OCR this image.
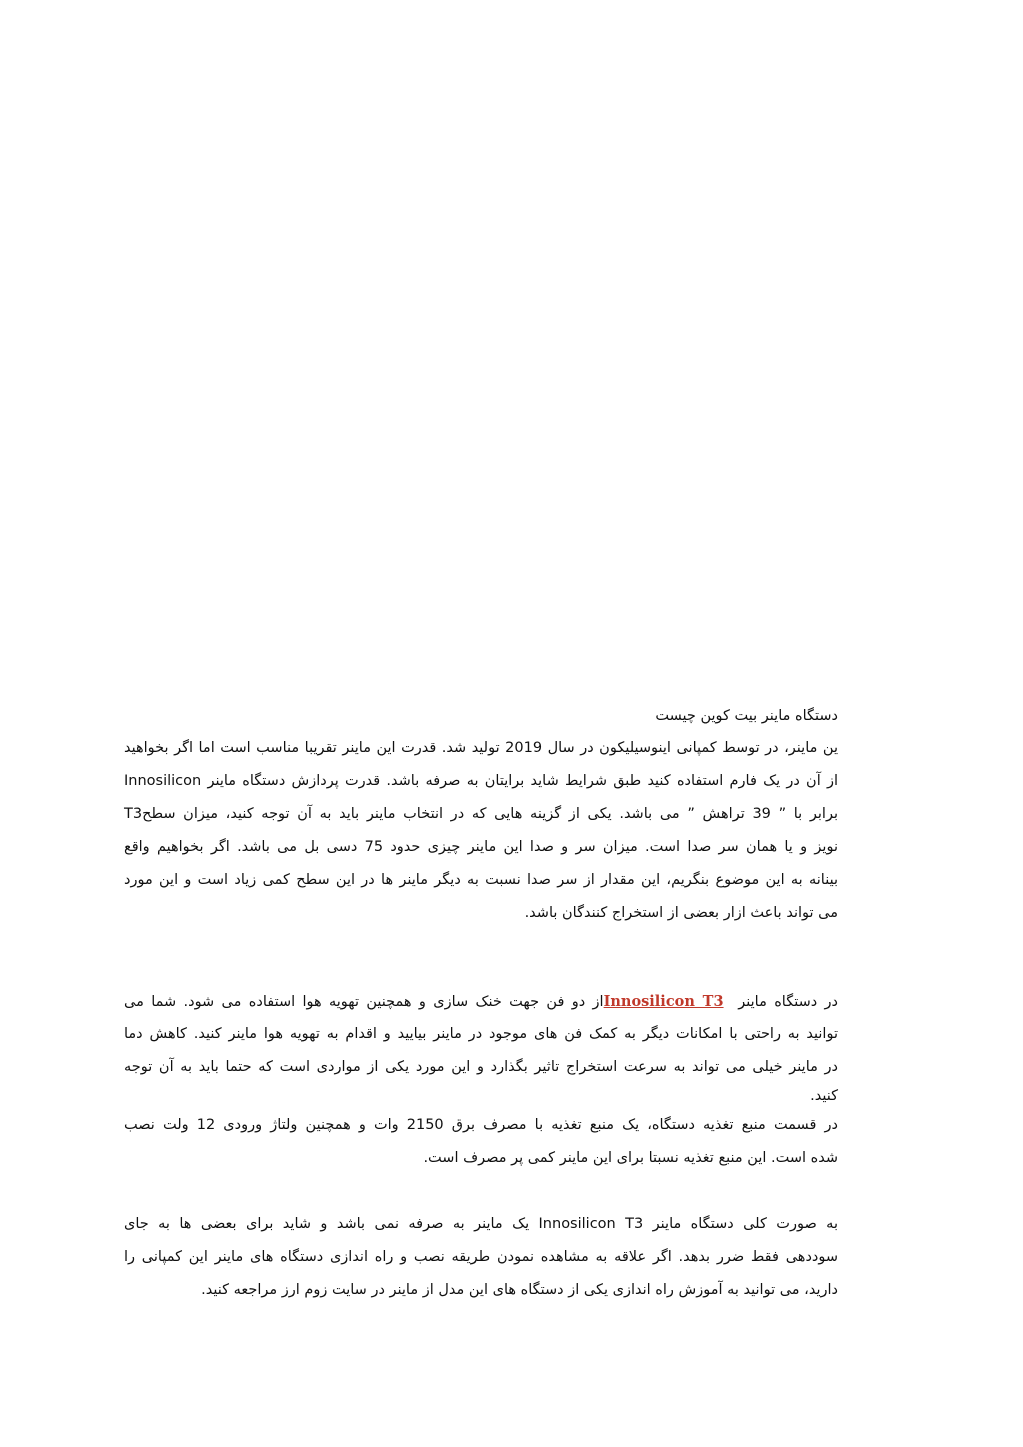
دستگاه ماینر بیت کوین چیست
ین ماینر، در توسط کمپانی اینوسیلیکون در سال 2019 تولید شد. قدرت این ماینر تقریبا مناسب است اما اگر بخواهید
از آن در یک فارم استفاده کنید طبق شرایط شاید برایتان به صرفه باشد. قدرت پردازش دستگاه ماینر Innosilicon
T3برابر با ” 39 تراهش ” می باشد. یکی از گزینه هایی که در انتخاب ماینر باید به آن توجه کنید، میزان سطح
نویز و یا همان سر صدا است. میزان سر و صدا این ماینر چیزی حدود 75 دسی بل می باشد. اگر بخواهیم واقع
بینانه به این موضوع بنگریم، این مقدار از سر صدا نسبت به دیگر ماینر ها در این سطح کمی زیاد است و این مورد
می تواند باعث ازار بعضی از استخراج کنندگان باشد.
در دستگاه ماینر  Innosilicon T3از دو فن جهت خنک سازی و همچنین تهویه هوا استفاده می شود. شما می
توانید به راحتی با امکانات دیگر به کمک فن های موجود در ماینر بیایید و اقدام به تهویه هوا ماینر کنید. کاهش دما
در ماینر خیلی می تواند به سرعت استخراج تاثیر بگذارد و این مورد یکی از مواردی است که حتما باید به آن توجه
کنید.
در قسمت منبع تغذیه دستگاه، یک منبع تغذیه با مصرف برق 2150 وات و همچنین ولتاژ ورودی 12 ولت نصب
شده است. این منبع تغذیه نسبتا برای این ماینر کمی پر مصرف است.
به صورت کلی دستگاه ماینر Innosilicon T3 یک ماینر به صرفه نمی باشد و شاید برای بعضی ها به جای
سوددهی فقط ضرر بدهد. اگر علاقه به مشاهده نمودن طریقه نصب و راه اندازی دستگاه های ماینر این کمپانی را
دارید، می توانید به آموزش راه اندازی یکی از دستگاه های این مدل از ماینر در سایت زوم ارز مراجعه کنید.
